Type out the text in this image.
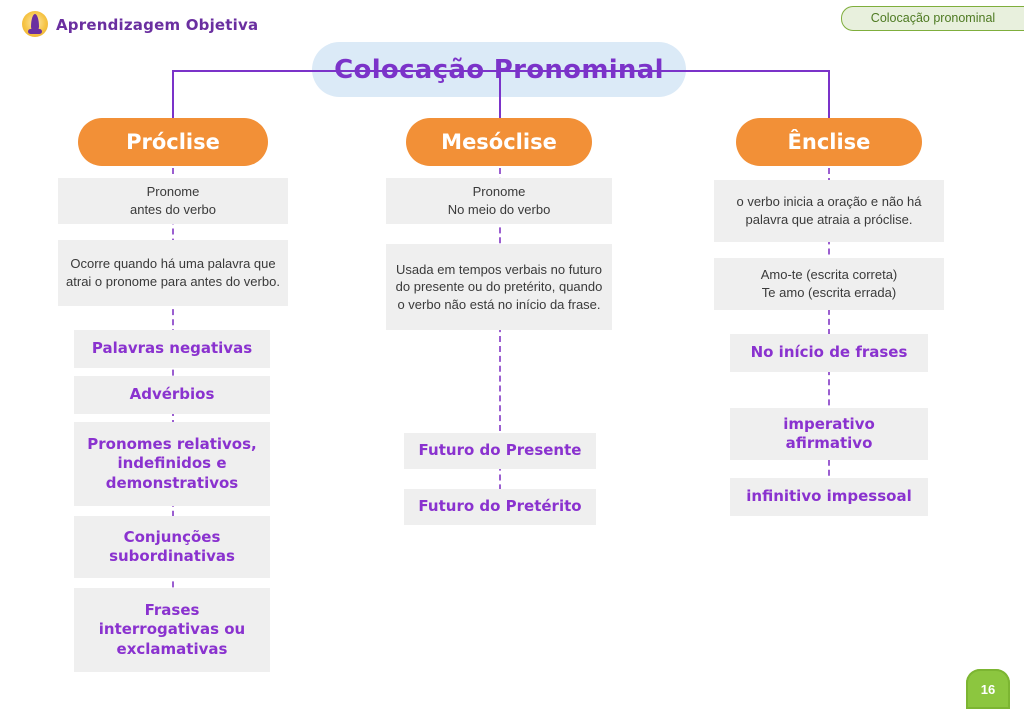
Aprendizagem Objetiva	Colocação pronominal
Colocação Pronominal
Próclise
Pronome
antes do verbo
Ocorre quando há uma palavra que atrai o pronome para antes do verbo.
Palavras negativas
Advérbios
Pronomes relativos, indefinidos e demonstrativos
Conjunções subordinativas
Frases interrogativas ou exclamativas
Mesóclise
Pronome
No meio do verbo
Usada em tempos verbais no futuro do presente ou do pretérito, quando o verbo não está no início da frase.
Futuro do Presente
Futuro do Pretérito
Ênclise
o verbo inicia a oração e não há palavra que atraia a próclise.
Amo-te (escrita correta)
Te amo (escrita errada)
No início de frases
imperativo afirmativo
infinitivo impessoal
16
